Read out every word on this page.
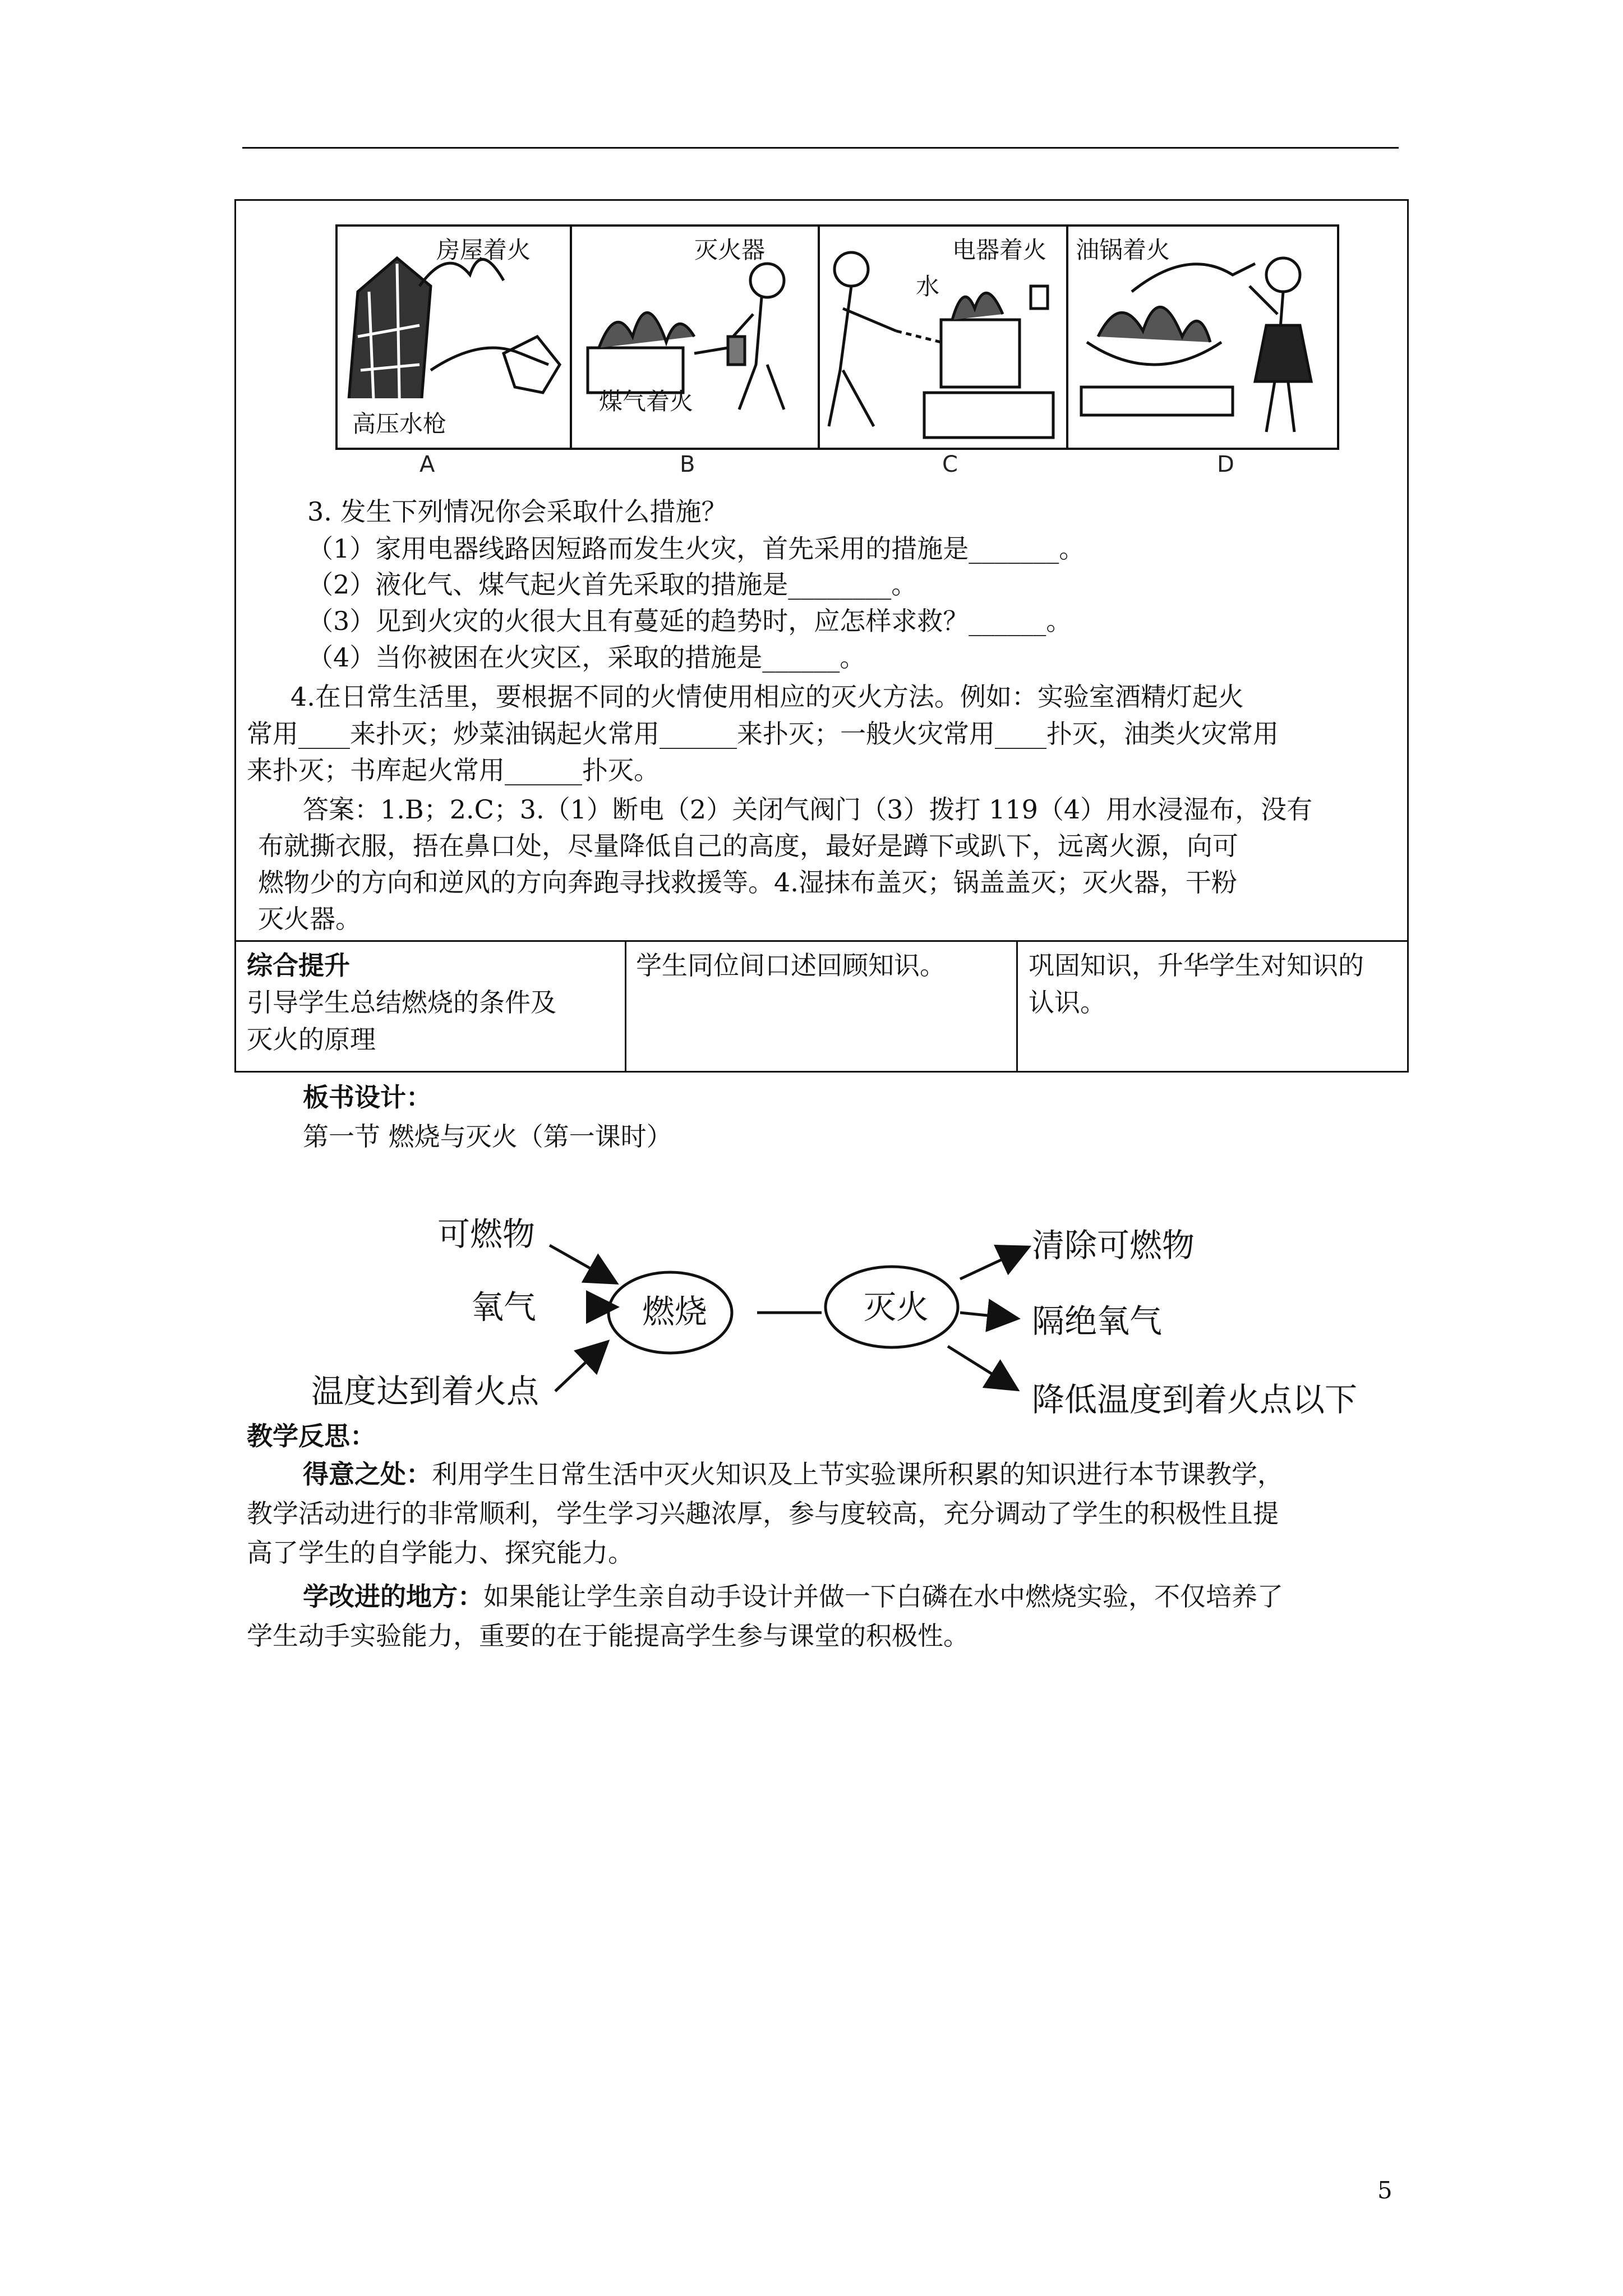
房屋着火
高压水枪
灭火器
煤气着火
电器着火
水
油锅着火
A	B	C	D
3. 发生下列情况你会采取什么措施？
（1）家用电器线路因短路而发生火灾，首先采用的措施是_______。
（2）液化气、煤气起火首先采取的措施是________。
（3）见到火灾的火很大且有蔓延的趋势时，应怎样求救？______。
（4）当你被困在火灾区，采取的措施是______。
4.在日常生活里，要根据不同的火情使用相应的灭火方法。例如：实验室酒精灯起火
常用____来扑灭；炒菜油锅起火常用______来扑灭；一般火灾常用____扑灭，油类火灾常用
来扑灭；书库起火常用______扑灭。
答案：1.B；2.C；3.（1）断电（2）关闭气阀门（3）拨打 119（4）用水浸湿布，没有
布就撕衣服，捂在鼻口处，尽量降低自己的高度，最好是蹲下或趴下，远离火源，向可
燃物少的方向和逆风的方向奔跑寻找救援等。4.湿抹布盖灭；锅盖盖灭；灭火器，干粉
灭火器。
综合提升
引导学生总结燃烧的条件及
灭火的原理
学生同位间口述回顾知识。	巩固知识，升华学生对知识的
认识。
板书设计：
第一节 燃烧与灭火（第一课时）
可燃物
氧气
温度达到着火点
燃烧	灭火
清除可燃物
隔绝氧气
降低温度到着火点以下
教学反思：
得意之处：利用学生日常生活中灭火知识及上节实验课所积累的知识进行本节课教学，
教学活动进行的非常顺利，学生学习兴趣浓厚，参与度较高，充分调动了学生的积极性且提
高了学生的自学能力、探究能力。
学改进的地方：如果能让学生亲自动手设计并做一下白磷在水中燃烧实验，不仅培养了
学生动手实验能力，重要的在于能提高学生参与课堂的积极性。
5
